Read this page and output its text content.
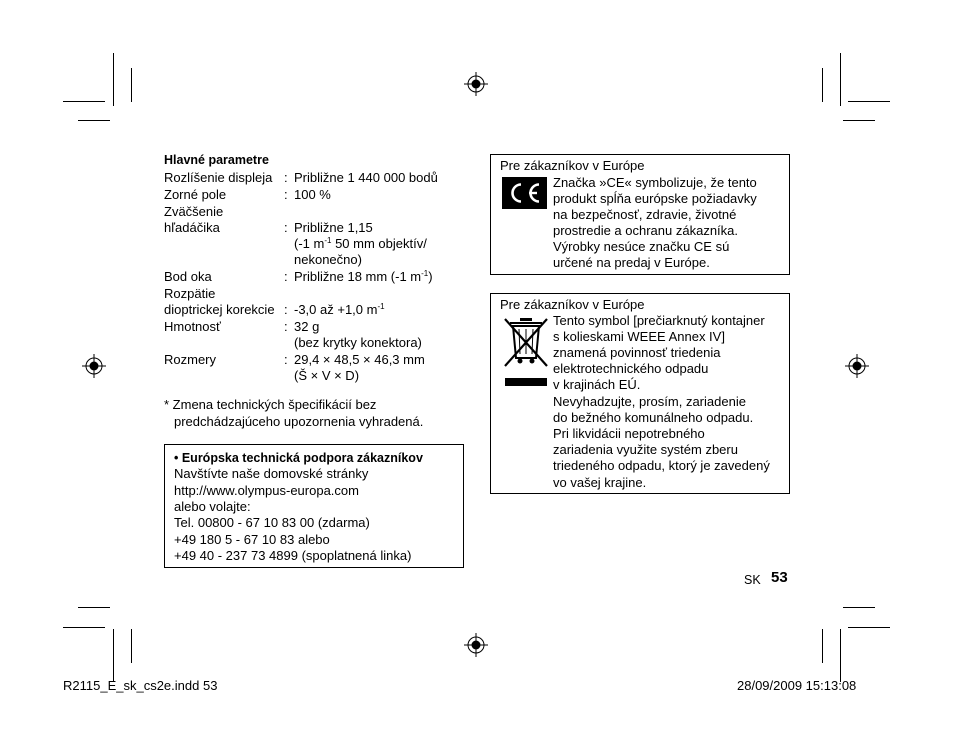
Hlavné parametre
Rozlíšenie displeja : Približne 1 440 000 bodů
Zorné pole	: 100 %
Zväčšenie
hľadáčika	: Približne 1,15
(-1 $m^{-1}$ 50 mm objektív/
nekonečno)
Bod oka	: Približne 18 mm (-1 $m^{-1}$)
Rozpätie
dioptrickej korekcie : -3,0 až +1,0 $m^{-1}$
Hmotnosť	: 32 g
(bez krytky konektora)
Rozmery	: 29,4 × 48,5 × 46,3 mm
(Š × V × D)
* Zmena technických špecifikácií bez
predchádzajúceho upozornenia vyhradená.
• Európska technická podpora zákazníkov
Navštívte naše domovské stránky
http://www.olympus-europa.com
alebo volajte:
Tel. 00800 - 67 10 83 00 (zdarma)
+49 180 5 - 67 10 83 alebo
+49 40 - 237 73 4899 (spoplatnená linka)
Pre zákazníkov v Európe
Značka »CE« symbolizuje, že tento
produkt spĺňa európske požiadavky
na bezpečnosť, zdravie, životné
prostredie a ochranu zákazníka.
Výrobky nesúce značku CE sú
určené na predaj v Európe.
Pre zákazníkov v Európe
Tento symbol [prečiarknutý kontajner
s kolieskami WEEE Annex IV]
znamená povinnosť triedenia
elektrotechnického odpadu
v krajinách EÚ.
Nevyhadzujte, prosím, zariadenie
do bežného komunálneho odpadu.
Pri likvidácii nepotrebného
zariadenia využite systém zberu
triedeného odpadu, ktorý je zavedený
vo vašej krajine.
SK 53
R2115_E_sk_cs2e.indd 53	28/09/2009 15:13:08
